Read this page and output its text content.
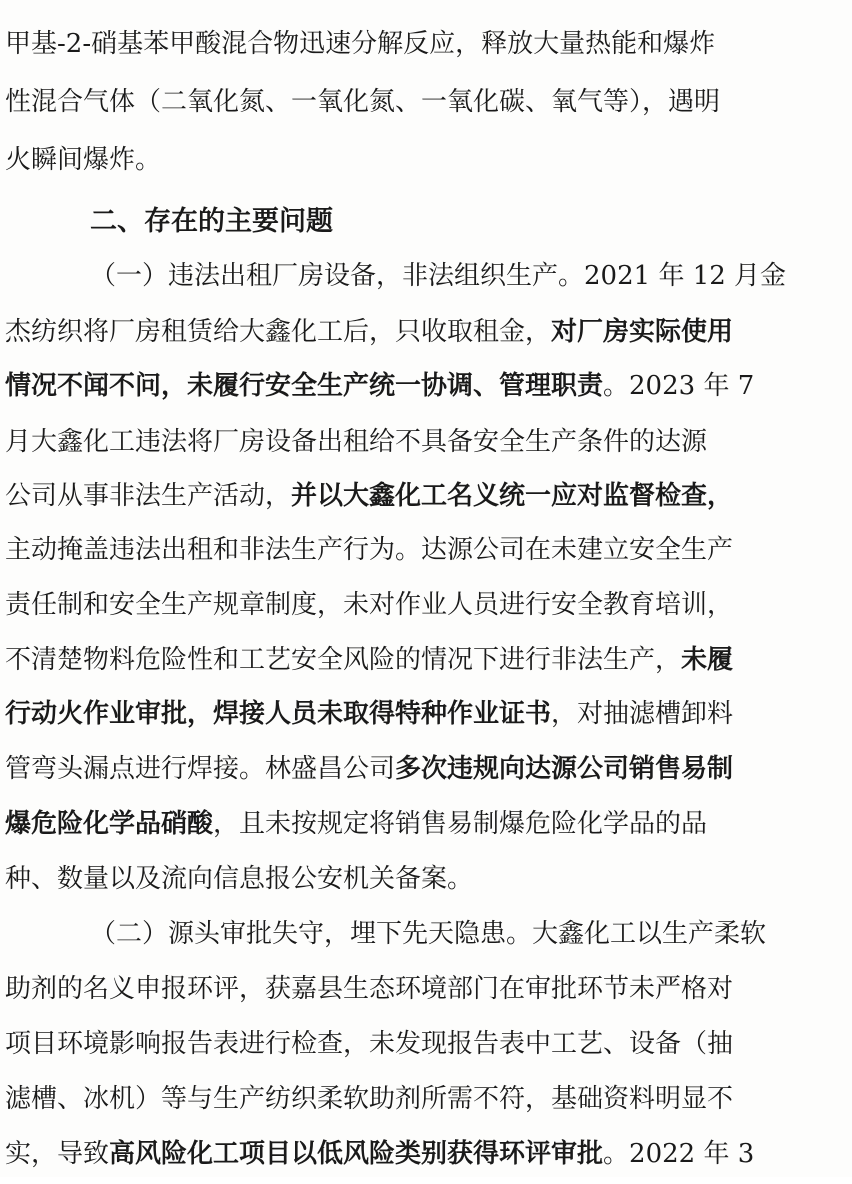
甲基-2-硝基苯甲酸混合物迅速分解反应，释放大量热能和爆炸
性混合气体（二氧化氮、一氧化氮、一氧化碳、氧气等），遇明
火瞬间爆炸。
二、存在的主要问题
（一）违法出租厂房设备，非法组织生产。2021 年 12 月金
杰纺织将厂房租赁给大鑫化工后，只收取租金，对厂房实际使用
情况不闻不问，未履行安全生产统一协调、管理职责。2023 年 7
月大鑫化工违法将厂房设备出租给不具备安全生产条件的达源
公司从事非法生产活动，并以大鑫化工名义统一应对监督检查，
主动掩盖违法出租和非法生产行为。达源公司在未建立安全生产
责任制和安全生产规章制度，未对作业人员进行安全教育培训，
不清楚物料危险性和工艺安全风险的情况下进行非法生产，未履
行动火作业审批，焊接人员未取得特种作业证书，对抽滤槽卸料
管弯头漏点进行焊接。林盛昌公司多次违规向达源公司销售易制
爆危险化学品硝酸，且未按规定将销售易制爆危险化学品的品
种、数量以及流向信息报公安机关备案。
（二）源头审批失守，埋下先天隐患。大鑫化工以生产柔软
助剂的名义申报环评，获嘉县生态环境部门在审批环节未严格对
项目环境影响报告表进行检查，未发现报告表中工艺、设备（抽
滤槽、冰机）等与生产纺织柔软助剂所需不符，基础资料明显不
实，导致高风险化工项目以低风险类别获得环评审批。2022 年 3
